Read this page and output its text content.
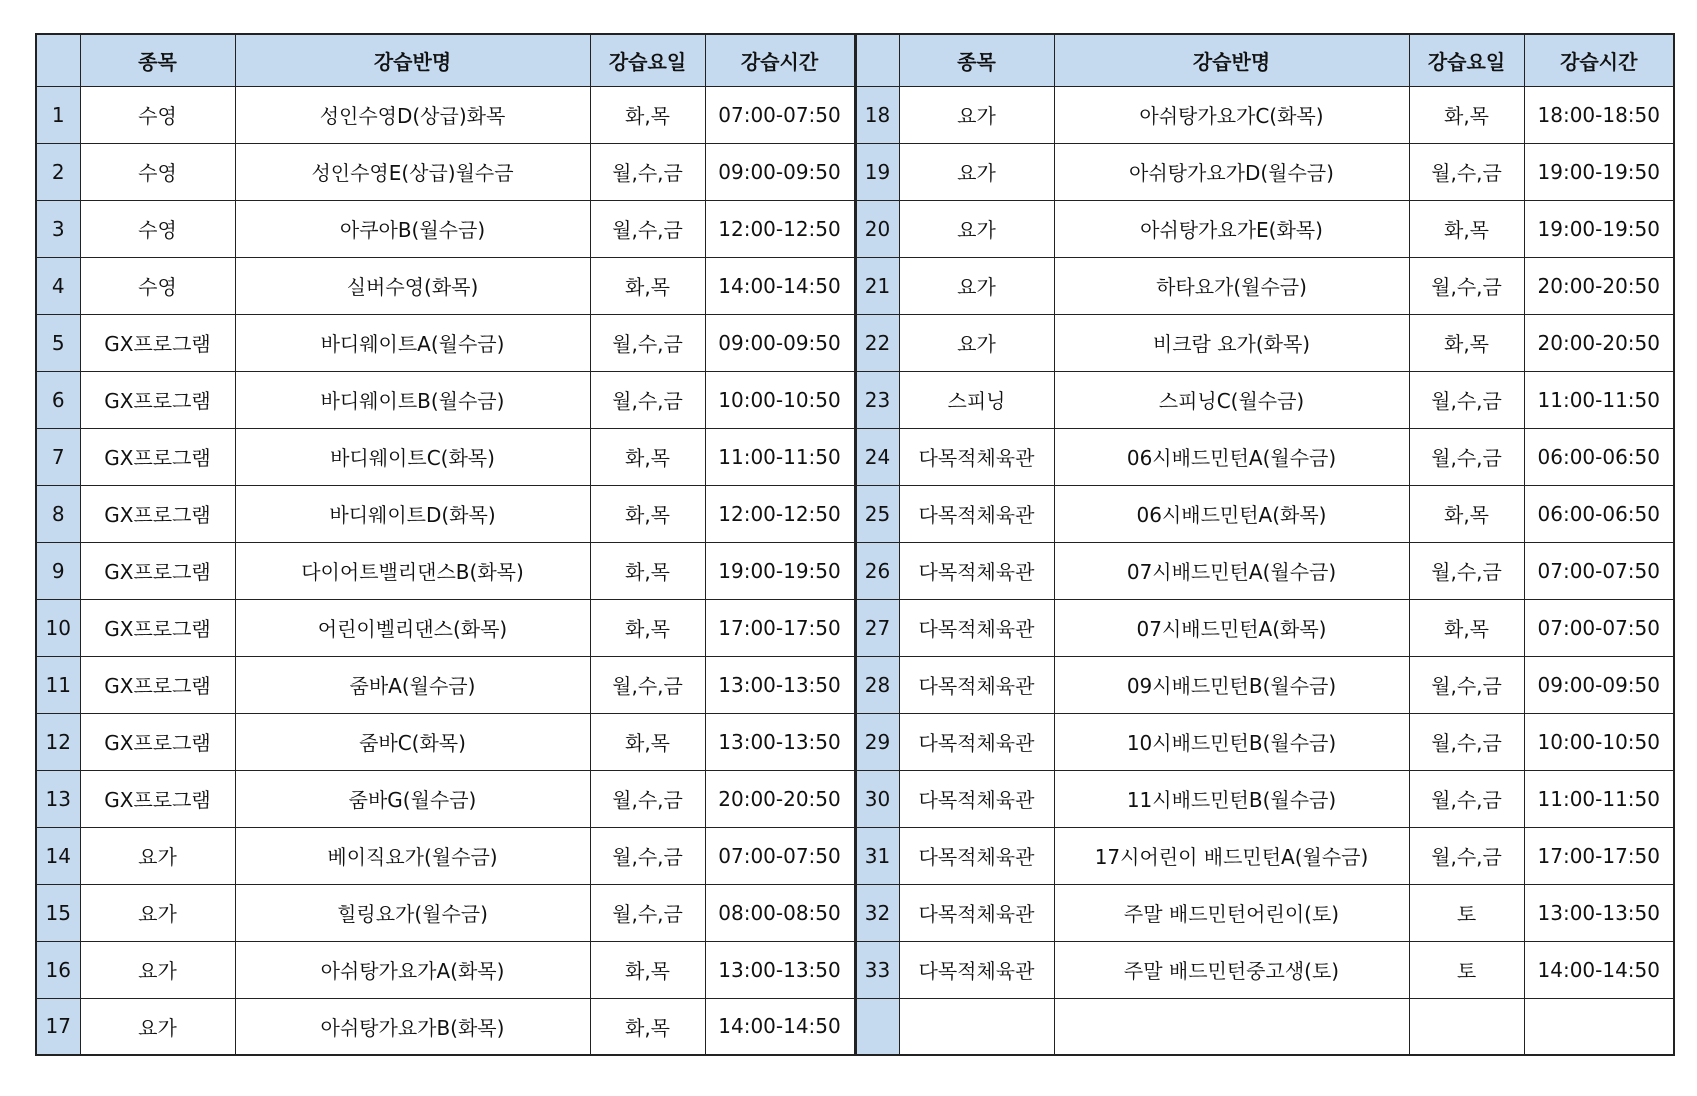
	종목	강습반명	강습요일	강습시간		종목	강습반명	강습요일	강습시간
1	수영	성인수영D(상급)화목	화,목	07:00-07:50	18	요가	아쉬탕가요가C(화목)	화,목	18:00-18:50
2	수영	성인수영E(상급)월수금	월,수,금	09:00-09:50	19	요가	아쉬탕가요가D(월수금)	월,수,금	19:00-19:50
3	수영	아쿠아B(월수금)	월,수,금	12:00-12:50	20	요가	아쉬탕가요가E(화목)	화,목	19:00-19:50
4	수영	실버수영(화목)	화,목	14:00-14:50	21	요가	하타요가(월수금)	월,수,금	20:00-20:50
5	GX프로그램	바디웨이트A(월수금)	월,수,금	09:00-09:50	22	요가	비크람 요가(화목)	화,목	20:00-20:50
6	GX프로그램	바디웨이트B(월수금)	월,수,금	10:00-10:50	23	스피닝	스피닝C(월수금)	월,수,금	11:00-11:50
7	GX프로그램	바디웨이트C(화목)	화,목	11:00-11:50	24	다목적체육관	06시배드민턴A(월수금)	월,수,금	06:00-06:50
8	GX프로그램	바디웨이트D(화목)	화,목	12:00-12:50	25	다목적체육관	06시배드민턴A(화목)	화,목	06:00-06:50
9	GX프로그램	다이어트밸리댄스B(화목)	화,목	19:00-19:50	26	다목적체육관	07시배드민턴A(월수금)	월,수,금	07:00-07:50
10	GX프로그램	어린이벨리댄스(화목)	화,목	17:00-17:50	27	다목적체육관	07시배드민턴A(화목)	화,목	07:00-07:50
11	GX프로그램	줌바A(월수금)	월,수,금	13:00-13:50	28	다목적체육관	09시배드민턴B(월수금)	월,수,금	09:00-09:50
12	GX프로그램	줌바C(화목)	화,목	13:00-13:50	29	다목적체육관	10시배드민턴B(월수금)	월,수,금	10:00-10:50
13	GX프로그램	줌바G(월수금)	월,수,금	20:00-20:50	30	다목적체육관	11시배드민턴B(월수금)	월,수,금	11:00-11:50
14	요가	베이직요가(월수금)	월,수,금	07:00-07:50	31	다목적체육관	17시어린이 배드민턴A(월수금)	월,수,금	17:00-17:50
15	요가	힐링요가(월수금)	월,수,금	08:00-08:50	32	다목적체육관	주말 배드민턴어린이(토)	토	13:00-13:50
16	요가	아쉬탕가요가A(화목)	화,목	13:00-13:50	33	다목적체육관	주말 배드민턴중고생(토)	토	14:00-14:50
17	요가	아쉬탕가요가B(화목)	화,목	14:00-14:50					
